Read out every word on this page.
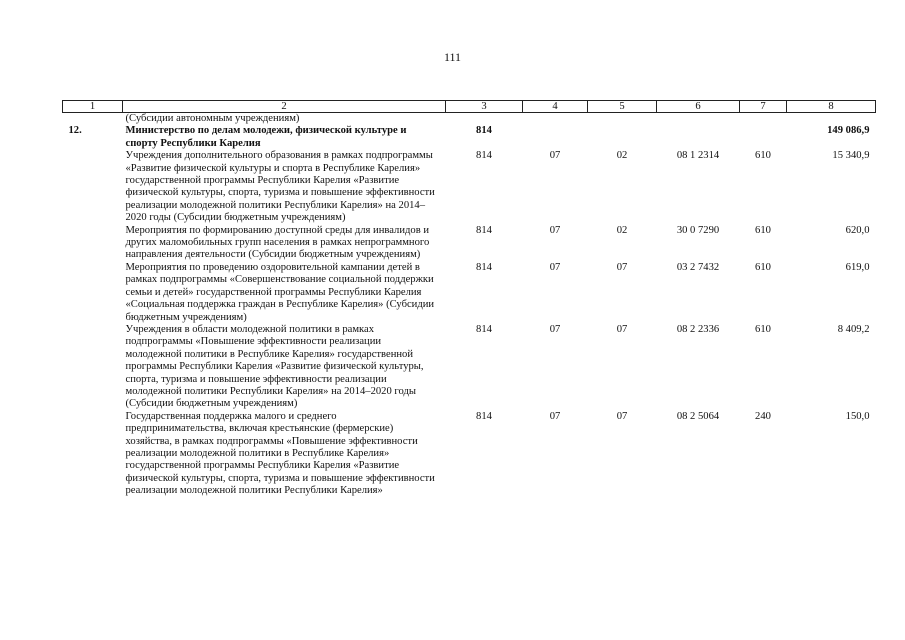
111
1	2	3	4	5	6	7	8
	(Субсидии автономным учреждениям)						
12.	Министерство по делам молодежи, физической культуре и спорту Республики Карелия	814					149 086,9
	Учреждения дополнительного образования в рамках подпрограммы «Развитие физической культуры и спорта в Республике Карелия» государственной программы Республики Карелия «Развитие физической культуры, спорта, туризма и повышение эффективности реализации молодежной политики Республики Карелия» на 2014–2020 годы (Субсидии бюджетным учреждениям)	814	07	02	08 1 2314	610	15 340,9
	Мероприятия по формированию доступной среды для инвалидов и других маломобильных групп населения в рамках непрограммного направления деятельности (Субсидии бюджетным учреждениям)	814	07	02	30 0 7290	610	620,0
	Мероприятия по проведению оздоровительной кампании детей в рамках подпрограммы «Совершенствование социальной поддержки семьи и детей» государственной программы Республики Карелия «Социальная поддержка граждан в Республике Карелия» (Субсидии бюджетным учреждениям)	814	07	07	03 2 7432	610	619,0
	Учреждения в области молодежной политики в рамках подпрограммы «Повышение эффективности реализации молодежной политики в Республике Карелия» государственной программы Республики Карелия «Развитие физической культуры, спорта, туризма и повышение эффективности реализации молодежной политики Республики Карелия» на 2014–2020 годы (Субсидии бюджетным учреждениям)	814	07	07	08 2 2336	610	8 409,2
	Государственная поддержка малого и среднего предпринимательства, включая крестьянские (фермерские) хозяйства, в рамках подпрограммы «Повышение эффективности реализации молодежной политики в Республике Карелия» государственной программы Республики Карелия «Развитие физической культуры, спорта, туризма и повышение эффективности реализации молодежной политики Республики Карелия»	814	07	07	08 2 5064	240	150,0
